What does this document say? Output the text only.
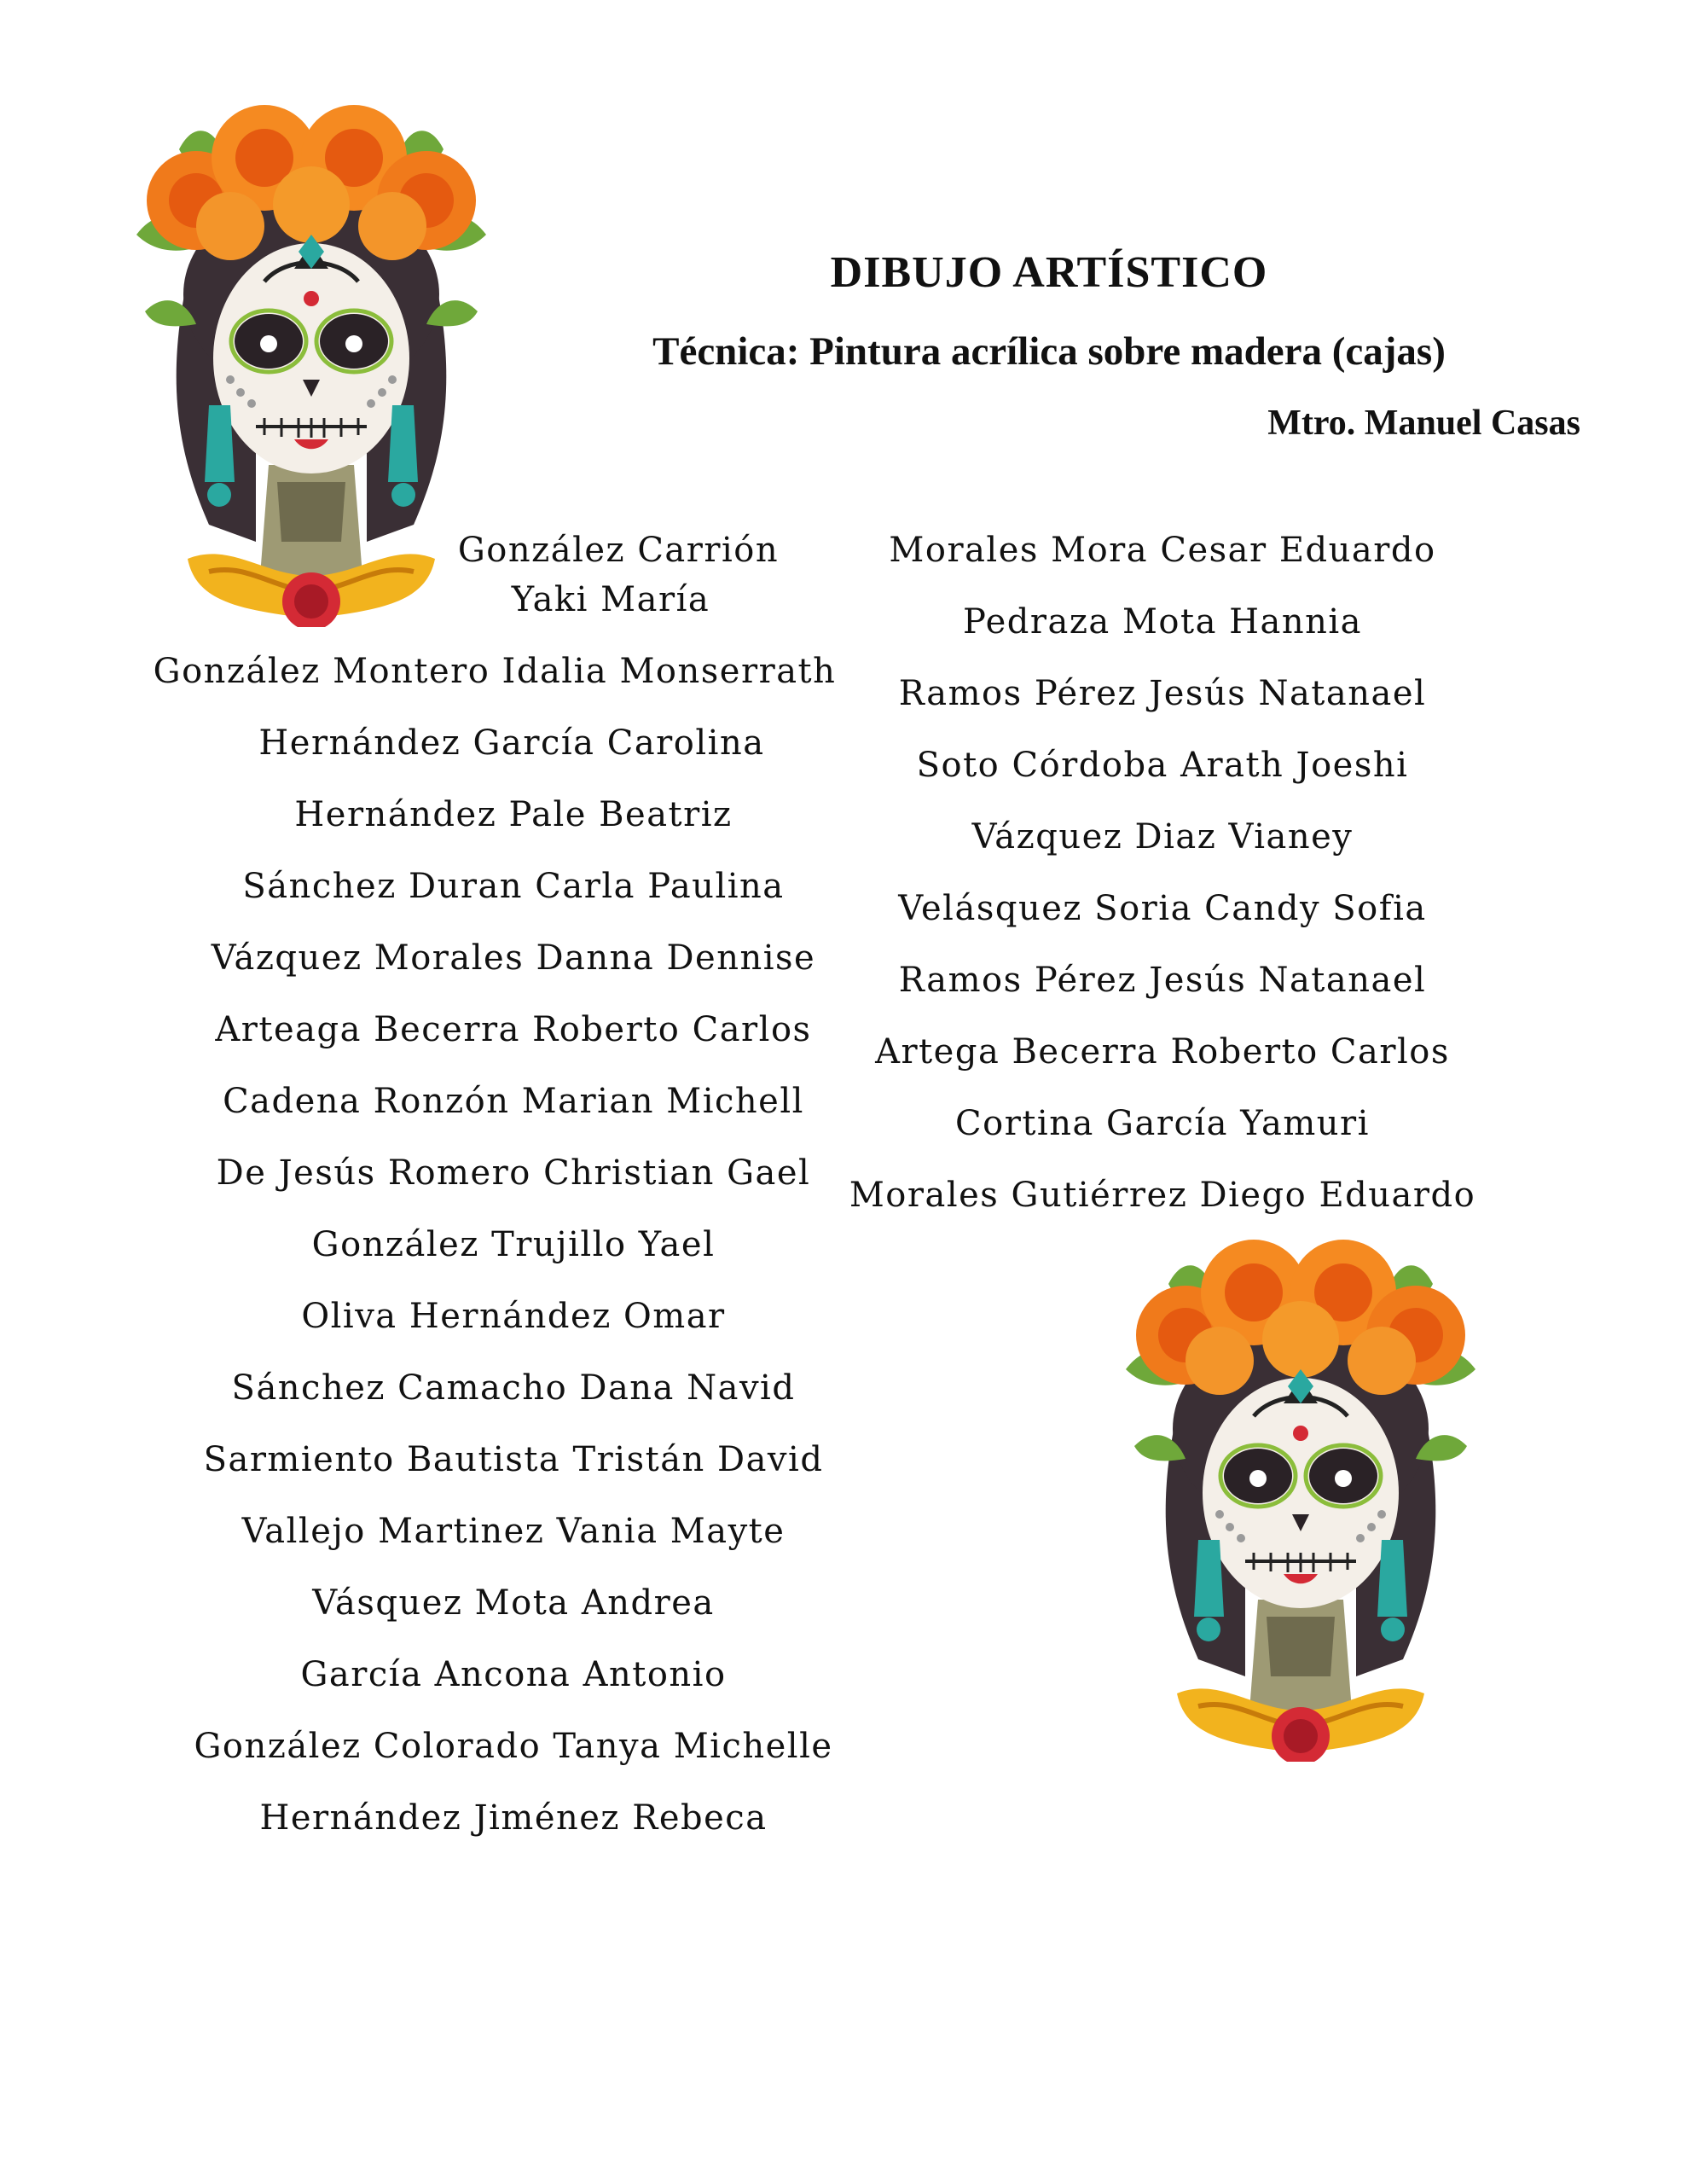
DIBUJO ARTÍSTICO
Técnica: Pintura acrílica sobre madera (cajas)

Mtro. Manuel Casas

González Carrión
Yaki María
González Montero Idalia Monserrath
Hernández García Carolina
Hernández Pale Beatriz
Sánchez Duran Carla Paulina
Vázquez Morales Danna Dennise
Arteaga Becerra Roberto Carlos
Cadena Ronzón Marian Michell
De Jesús Romero Christian Gael
González Trujillo Yael
Oliva Hernández Omar
Sánchez Camacho Dana Navid
Sarmiento Bautista Tristán David
Vallejo Martinez Vania Mayte
Vásquez Mota Andrea
García Ancona Antonio
González Colorado Tanya Michelle
Hernández Jiménez Rebeca
Morales Mora Cesar Eduardo
Pedraza Mota Hannia
Ramos Pérez Jesús Natanael
Soto Córdoba Arath Joeshi
Vázquez Diaz Vianey
Velásquez Soria Candy Sofia
Ramos Pérez Jesús Natanael
Artega Becerra Roberto Carlos
Cortina García Yamuri
Morales Gutiérrez Diego Eduardo
